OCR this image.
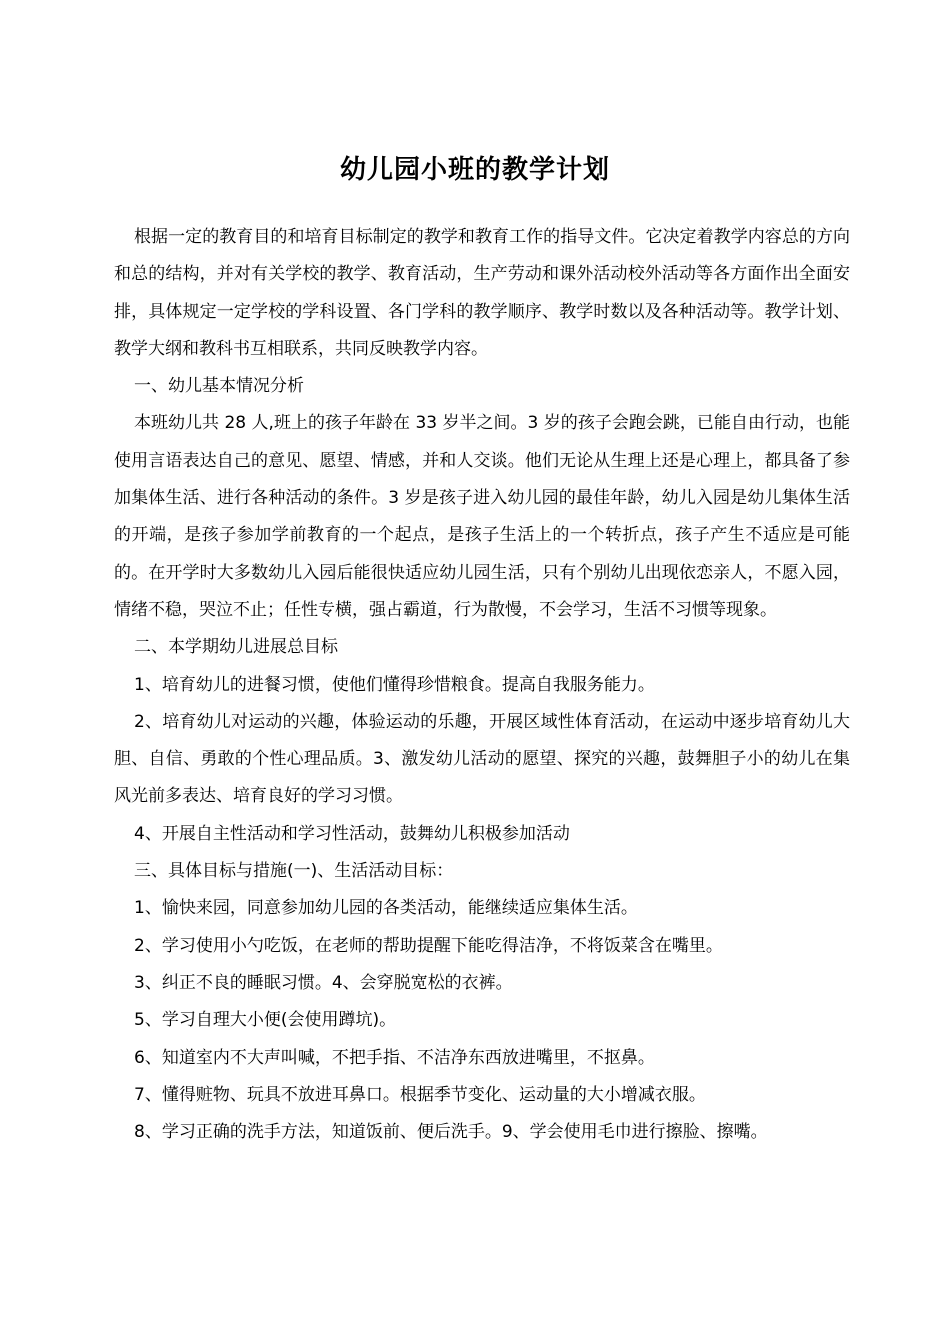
幼儿园小班的教学计划

根据一定的教育目的和培育目标制定的教学和教育工作的指导文件。它决定着教学内容总的方向和总的结构，并对有关学校的教学、教育活动，生产劳动和课外活动校外活动等各方面作出全面安排，具体规定一定学校的学科设置、各门学科的教学顺序、教学时数以及各种活动等。教学计划、教学大纲和教科书互相联系，共同反映教学内容。

一、幼儿基本情况分析

本班幼儿共 28 人,班上的孩子年龄在 33 岁半之间。3 岁的孩子会跑会跳，已能自由行动，也能使用言语表达自己的意见、愿望、情感，并和人交谈。他们无论从生理上还是心理上，都具备了参加集体生活、进行各种活动的条件。3 岁是孩子进入幼儿园的最佳年龄，幼儿入园是幼儿集体生活的开端，是孩子参加学前教育的一个起点，是孩子生活上的一个转折点，孩子产生不适应是可能的。在开学时大多数幼儿入园后能很快适应幼儿园生活，只有个别幼儿出现依恋亲人，不愿入园，情绪不稳，哭泣不止；任性专横，强占霸道，行为散慢，不会学习，生活不习惯等现象。

二、本学期幼儿进展总目标

1、培育幼儿的进餐习惯，使他们懂得珍惜粮食。提高自我服务能力。

2、培育幼儿对运动的兴趣，体验运动的乐趣，开展区域性体育活动，在运动中逐步培育幼儿大胆、自信、勇敢的个性心理品质。3、激发幼儿活动的愿望、探究的兴趣，鼓舞胆子小的幼儿在集风光前多表达、培育良好的学习习惯。

4、开展自主性活动和学习性活动，鼓舞幼儿积极参加活动

三、具体目标与措施(一)、生活活动目标：

1、愉快来园，同意参加幼儿园的各类活动，能继续适应集体生活。

2、学习使用小勺吃饭，在老师的帮助提醒下能吃得洁净，不将饭菜含在嘴里。

3、纠正不良的睡眠习惯。4、会穿脱宽松的衣裤。

5、学习自理大小便(会使用蹲坑)。

6、知道室内不大声叫喊，不把手指、不洁净东西放进嘴里，不抠鼻。

7、懂得赃物、玩具不放进耳鼻口。根据季节变化、运动量的大小增减衣服。

8、学习正确的洗手方法，知道饭前、便后洗手。9、学会使用毛巾进行擦脸、擦嘴。
